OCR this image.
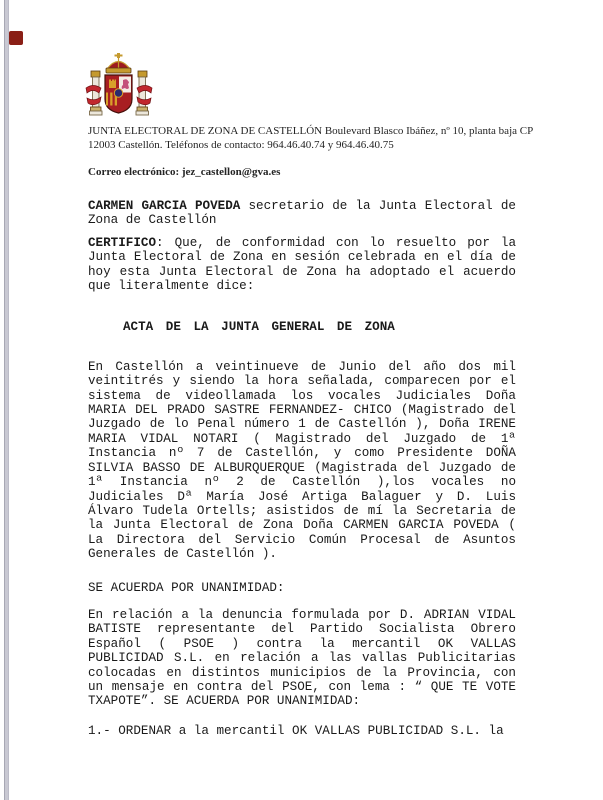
JUNTA ELECTORAL DE ZONA DE CASTELLÓN Boulevard Blasco Ibáñez, nº 10, planta baja CP
12003 Castellón. Teléfonos de contacto: 964.46.40.74 y 964.46.40.75
Correo electrónico: jez_castellon@gva.es
CARMEN GARCIA POVEDA secretario de la Junta Electoral de Zona de Castellón
CERTIFICO: Que, de conformidad con lo resuelto por la Junta Electoral de Zona en sesión celebrada en el día de hoy esta Junta Electoral de Zona ha adoptado el acuerdo que literalmente dice:
ACTA DE LA JUNTA GENERAL DE ZONA
En Castellón a veintinueve de Junio del año dos mil veintitrés y siendo la hora señalada, comparecen por el sistema de videollamada los vocales Judiciales Doña MARIA DEL PRADO SASTRE FERNANDEZ- CHICO (Magistrado del Juzgado de lo Penal número 1 de Castellón ), Doña IRENE MARIA VIDAL NOTARI ( Magistrado del Juzgado de 1ª Instancia nº 7 de Castellón, y como Presidente DOÑA SILVIA BASSO DE ALBURQUERQUE (Magistrada del Juzgado de 1ª Instancia nº 2 de Castellón ),los vocales no Judiciales Dª María José Artiga Balaguer y D. Luis Álvaro Tudela Ortells; asistidos de mí la Secretaria de la Junta Electoral de Zona Doña CARMEN GARCIA POVEDA ( La Directora del Servicio Común Procesal de Asuntos Generales de Castellón ).
SE ACUERDA POR UNANIMIDAD:
En relación a la denuncia formulada por D. ADRIAN VIDAL BATISTE representante del Partido Socialista Obrero Español ( PSOE ) contra la mercantil OK VALLAS PUBLICIDAD S.L. en relación a las vallas Publicitarias colocadas en distintos municipios de la Provincia, con un mensaje en contra del PSOE, con lema : “ QUE TE VOTE TXAPOTE”. SE ACUERDA POR UNANIMIDAD:
1.- ORDENAR a la mercantil OK VALLAS PUBLICIDAD S.L. la
